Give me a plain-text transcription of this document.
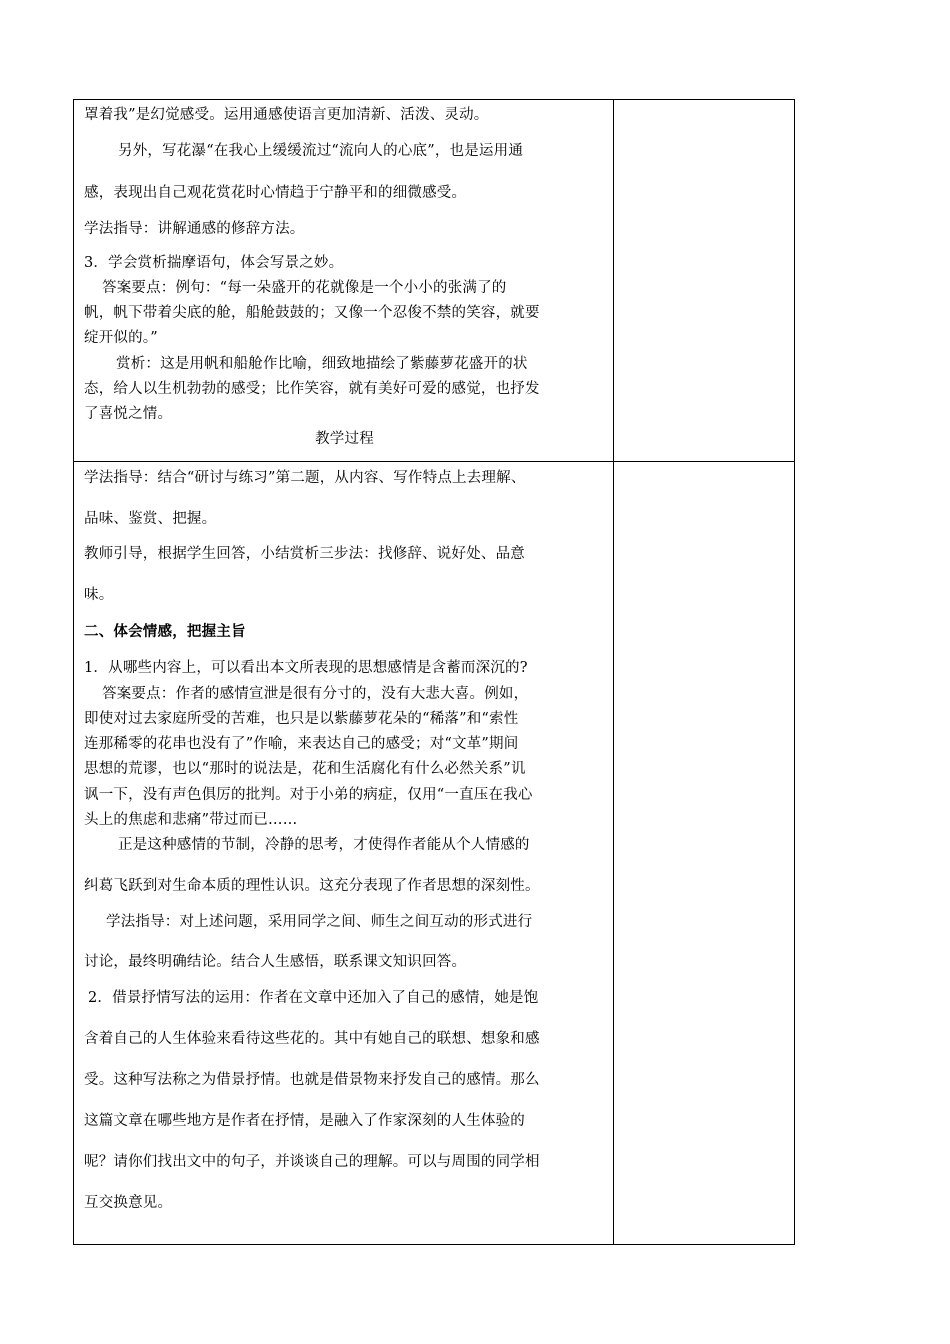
罩着我”是幻觉感受。运用通感使语言更加清新、活泼、灵动。
另外，写花瀑“在我心上缓缓流过“流向人的心底”，也是运用通
感，表现出自己观花赏花时心情趋于宁静平和的细微感受。
学法指导：讲解通感的修辞方法。
3．学会赏析揣摩语句，体会写景之妙。
答案要点：例句：“每一朵盛开的花就像是一个小小的张满了的
帆，帆下带着尖底的舱，船舱鼓鼓的；又像一个忍俊不禁的笑容，就要
绽开似的。”
赏析：这是用帆和船舱作比喻，细致地描绘了紫藤萝花盛开的状
态，给人以生机勃勃的感受；比作笑容，就有美好可爱的感觉，也抒发
了喜悦之情。
教学过程
学法指导：结合“研讨与练习”第二题，从内容、写作特点上去理解、
品味、鉴赏、把握。
教师引导，根据学生回答，小结赏析三步法：找修辞、说好处、品意
味。
二、体会情感，把握主旨
1．从哪些内容上，可以看出本文所表现的思想感情是含蓄而深沉的?
答案要点：作者的感情宣泄是很有分寸的，没有大悲大喜。例如，
即使对过去家庭所受的苦难，也只是以紫藤萝花朵的“稀落”和“索性
连那稀零的花串也没有了”作喻，来表达自己的感受；对“文革”期间
思想的荒谬，也以“那时的说法是，花和生活腐化有什么必然关系”讥
讽一下，没有声色俱厉的批判。对于小弟的病症，仅用“一直压在我心
头上的焦虑和悲痛”带过而已……
正是这种感情的节制，冷静的思考，才使得作者能从个人情感的
纠葛飞跃到对生命本质的理性认识。这充分表现了作者思想的深刻性。
学法指导：对上述问题，采用同学之间、师生之间互动的形式进行
讨论，最终明确结论。结合人生感悟，联系课文知识回答。
2．借景抒情写法的运用：作者在文章中还加入了自己的感情，她是饱
含着自己的人生体验来看待这些花的。其中有她自己的联想、想象和感
受。这种写法称之为借景抒情。也就是借景物来抒发自己的感情。那么
这篇文章在哪些地方是作者在抒情，是融入了作家深刻的人生体验的
呢？请你们找出文中的句子，并谈谈自己的理解。可以与周围的同学相
互交换意见。
